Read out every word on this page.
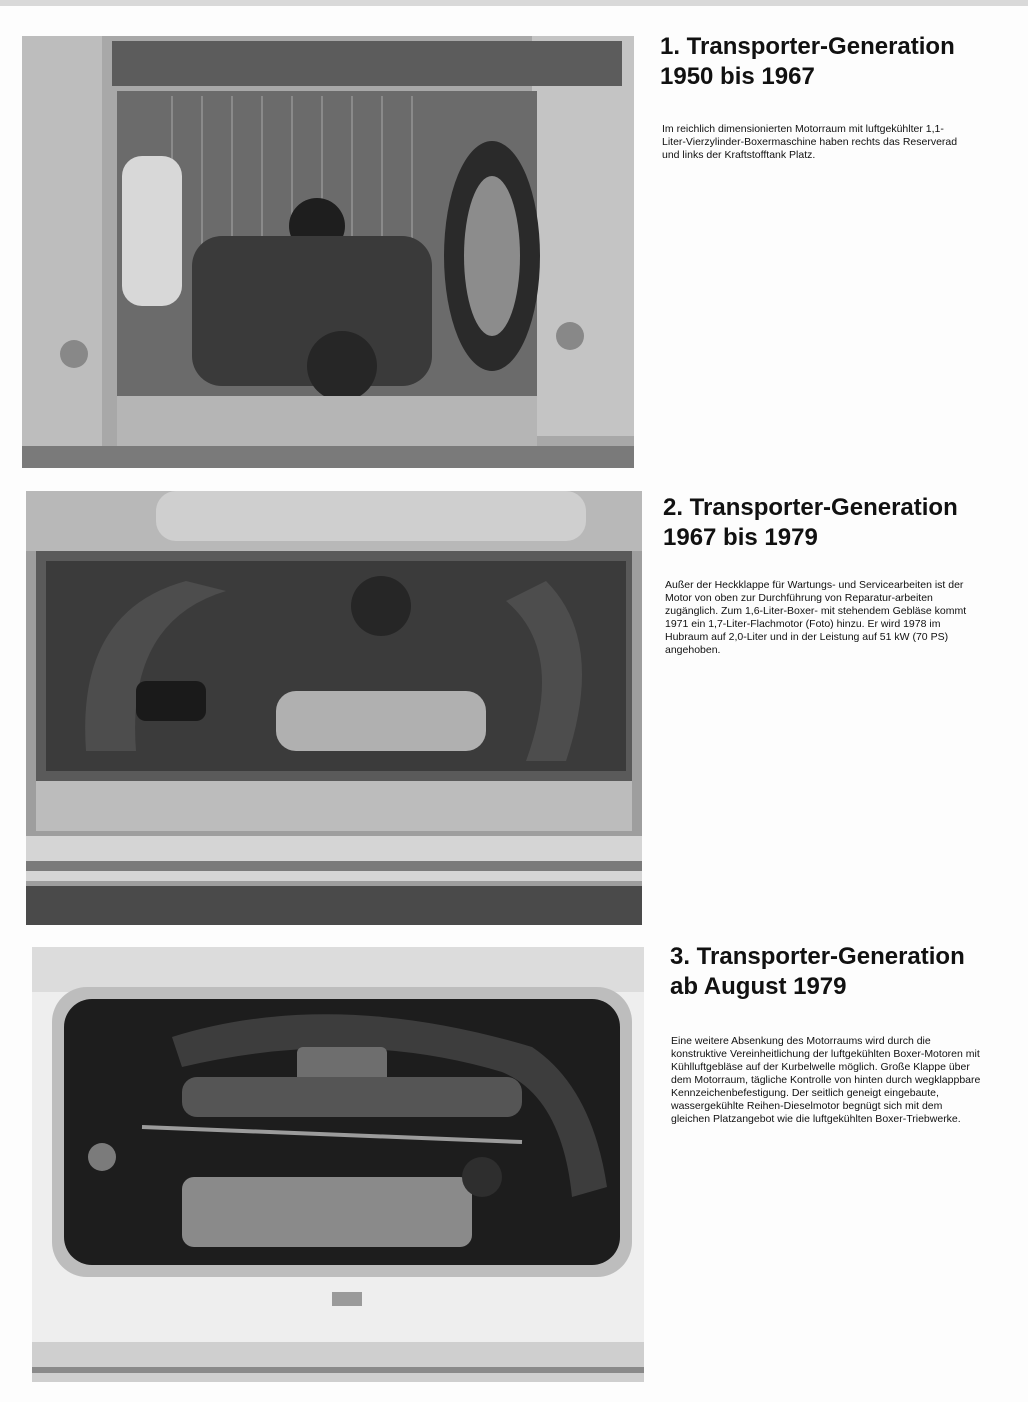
1. Transporter-Generation
1950 bis 1967

Im reichlich dimensionierten Motorraum mit luftgekühlter 1,1-Liter-Vierzylinder-Boxermaschine haben rechts das Reserverad und links der Kraftstofftank Platz.

2. Transporter-Generation
1967 bis 1979

Außer der Heckklappe für Wartungs- und Servicearbeiten ist der Motor von oben zur Durchführung von Reparatur-arbeiten zugänglich. Zum 1,6-Liter-Boxer- mit stehendem Gebläse kommt 1971 ein 1,7-Liter-Flachmotor (Foto) hinzu. Er wird 1978 im Hubraum auf 2,0-Liter und in der Leistung auf 51 kW (70 PS) angehoben.

3. Transporter-Generation
ab August 1979

Eine weitere Absenkung des Motorraums wird durch die konstruktive Vereinheitlichung der luftgekühlten Boxer-Motoren mit Kühlluftgebläse auf der Kurbelwelle möglich. Große Klappe über dem Motorraum, tägliche Kontrolle von hinten durch wegklappbare Kennzeichenbefestigung. Der seitlich geneigt eingebaute, wassergekühlte Reihen-Dieselmotor begnügt sich mit dem gleichen Platzangebot wie die luftgekühlten Boxer-Triebwerke.
